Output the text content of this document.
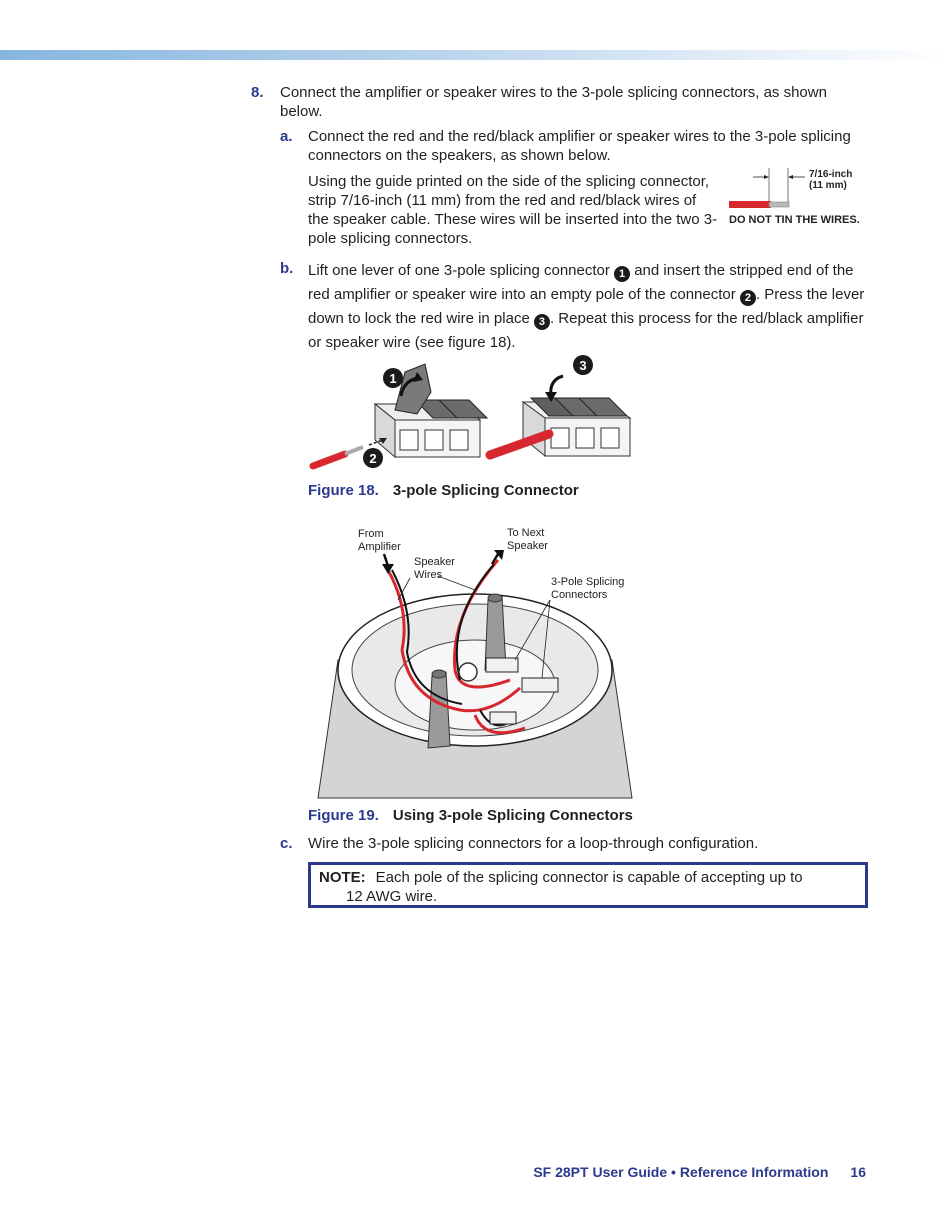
8. Connect the amplifier or speaker wires to the 3-pole splicing connectors, as shown below.
a. Connect the red and the red/black amplifier or speaker wires to the 3-pole splicing connectors on the speakers, as shown below.
Using the guide printed on the side of the splicing connector, strip 7/16-inch (11 mm) from the red and red/black wires of the speaker cable. These wires will be inserted into the two 3-pole splicing connectors.
7/16-inch
(11 mm)
DO NOT TIN THE WIRES.
b. Lift one lever of one 3-pole splicing connector 1 and insert the stripped end of the red amplifier or speaker wire into an empty pole of the connector 2 . Press the lever down to lock the red wire in place 3 . Repeat this process for the red/black amplifier or speaker wire (see figure 18).
1
2
3
Figure 18. 3-pole Splicing Connector
From
Amplifier
Speaker
Wires
To Next
Speaker
3-Pole Splicing
Connectors
Figure 19. Using 3-pole Splicing Connectors
c. Wire the 3-pole splicing connectors for a loop-through configuration.
NOTE: Each pole of the splicing connector is capable of accepting up to
12 AWG wire.
SF 28PT User Guide • Reference Information 16
